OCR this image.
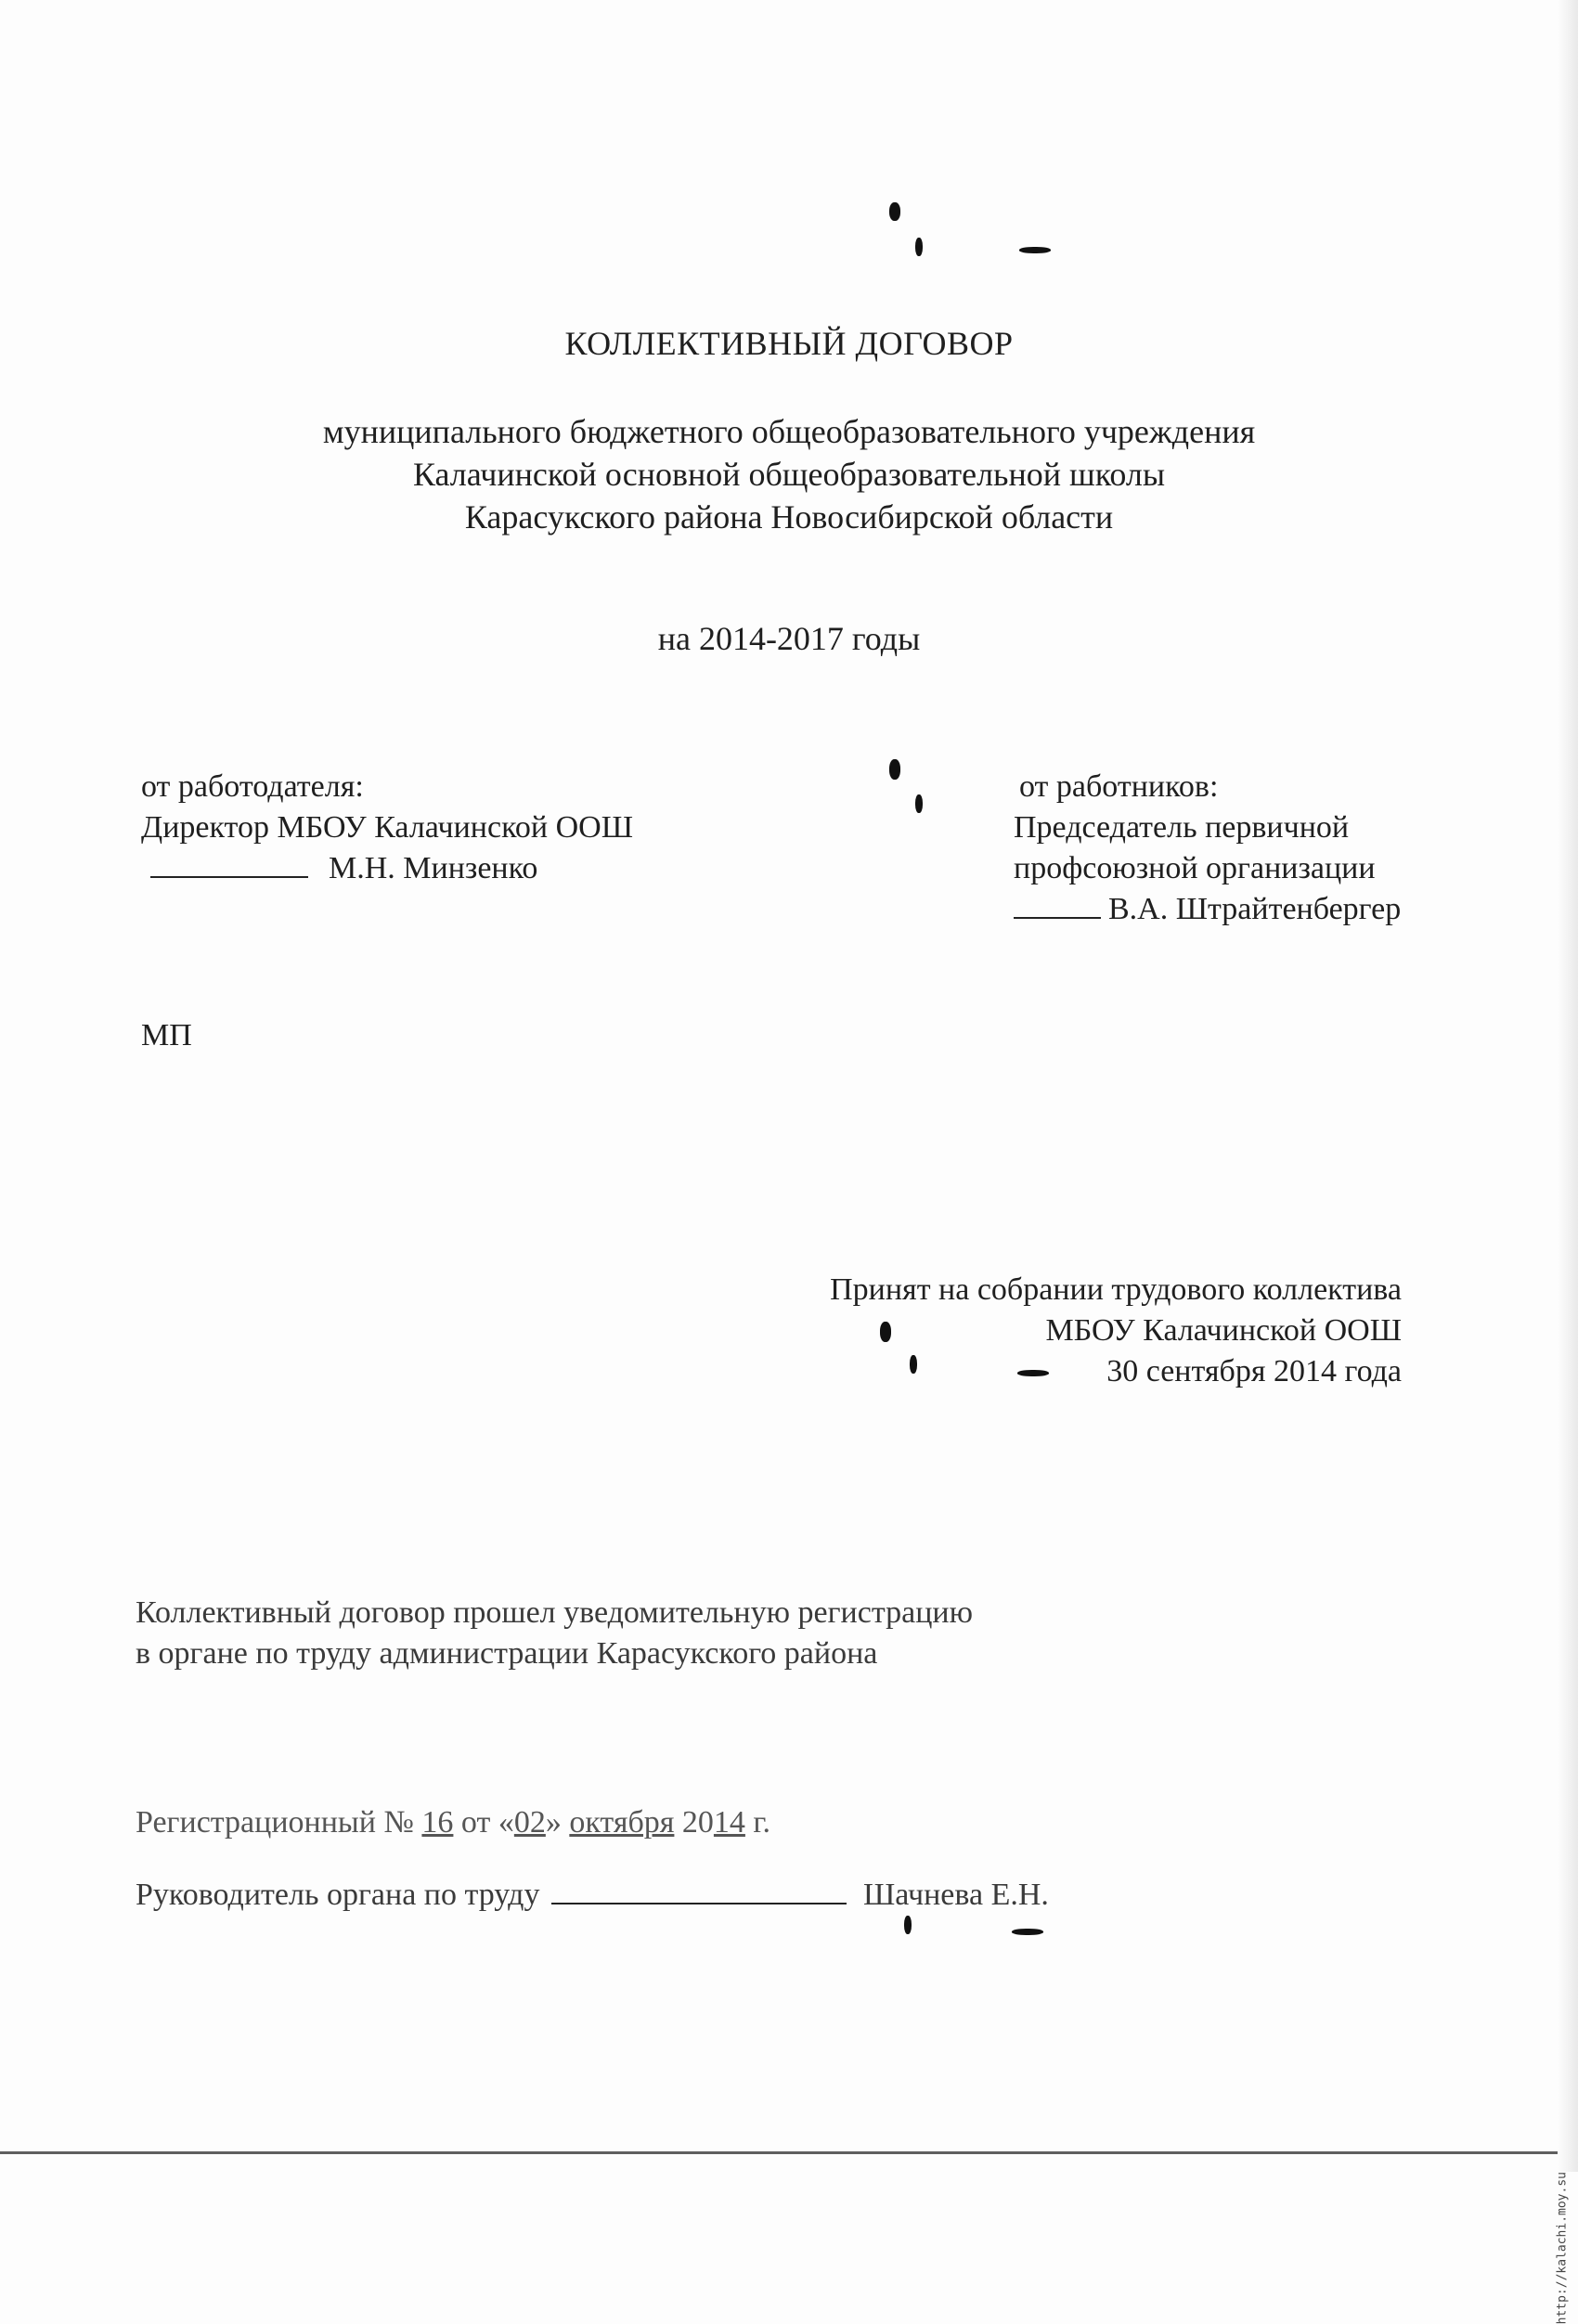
КОЛЛЕКТИВНЫЙ ДОГОВОР
муниципального бюджетного общеобразовательного учреждения
Калачинской основной общеобразовательной школы
Карасукского района Новосибирской области
на 2014-2017 годы
от работодателя:
Директор МБОУ Калачинской ООШ
М.Н. Минзенко
от работников:
Председатель первичной
профсоюзной организации
В.А. Штрайтенбергер
МП
Принят на собрании трудового коллектива
МБОУ Калачинской ООШ
30 сентября 2014 года
Коллективный договор прошел уведомительную регистрацию
в органе по труду администрации Карасукского района
Регистрационный № 16 от «02» октября 2014 г.
Руководитель органа по труду	Шачнева Е.Н.
http://kalachi.moy.su
